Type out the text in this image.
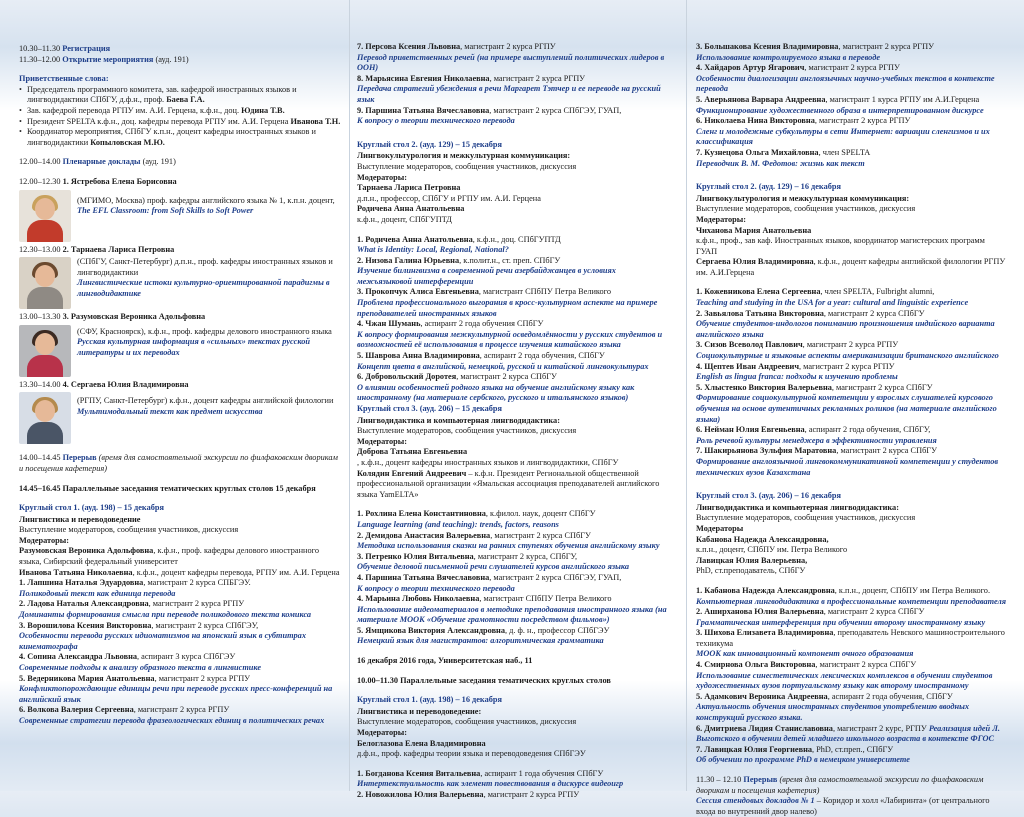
10.30–11.30 Регистрация

11.30–12.00 Открытие мероприятия (ауд. 191)

Приветственные слова:

• Председатель программного комитета, зав. кафедрой иностранных языков и лингводидактики СПбГУ, д.ф.н., проф. Баева Г.А.
• Зав. кафедрой перевода РГПУ им. А.И. Герцена, к.ф.н., доц. Юдина Т.В.
• Президент SPELTA к.ф.н., доц. кафедры перевода РГПУ им. А.И. Герцена Иванова Т.Н.
• Координатор мероприятия, СПбГУ к.п.н., доцент кафедры иностранных языков и лингводидактики Копыловская М.Ю.

12.00–14.00 Пленарные доклады (ауд. 191)

12.00–12.30 1. Ястребова Елена Борисовна

(МГИМО, Москва) проф. кафедры английского языка № 1, к.п.н. доцент,

The EFL Classroom: from Soft Skills to Soft Power

12.30–13.00 2. Тарнаева Лариса Петровна

(СПбГУ, Санкт-Петербург) д.п.н., проф. кафедры иностранных языков и лингводидактики

Лингвистические истоки культурно-ориентированной парадигмы в лингводидактике

13.00–13.30 3. Разумовская Вероника Адольфовна

(СФУ, Красноярск), к.ф.н., проф. кафедры делового иностранного языка

Русская культурная информация в «сильных» текстах русской литературы и их переводах

13.30–14.00 4. Сергаева Юлия Владимировна

(РГПУ, Санкт-Петербург) к.ф.н., доцент кафедры английской филологии

Мультимодальный текст как предмет искусства

14.00–14.45 Перерыв (время для самостоятельной экскурсии по филфаковским дворикам и посещения кафетерия)

14.45–16.45 Параллельные заседания тематических круглых столов 15 декабря

Круглый стол 1. (ауд. 198) – 15 декабря

Лингвистика и переводоведение

Выступление модераторов, сообщения участников, дискуссия

Модераторы:

Разумовская Вероника Адольфовна, к.ф.н., проф. кафедры делового иностранного языка, Сибирский федеральный университет

Иванова Татьяна Николаевна, к.ф.н., доцент кафедры перевода, РГПУ им. А.И. Герцена

1. Лапшина Наталья Эдуардовна, магистрант 2 курса СПБГЭУ.

Поликодовый текст как единица перевода

2. Ладова Наталья Александровна, магистрант 2 курса РГПУ

Доминанты формирования смысла при переводе поликодового текста комикса

3. Ворошилова Ксения Викторовна, магистрант 2 курса СПбГЭУ,

Особенности перевода русских идиоматизмов на японский язык в субтитрах кинематографа

4. Сопина Александра Львовна, аспирант 3 курса СПбГЭУ

Современные подходы к анализу образного текста в лингвистике

5. Ведерникова Мария Анатольевна, магистрант 2 курса РГПУ

Конфликтопорождающие единицы речи при переводе русских пресс-конференций на английский язык

6. Волкова Валерия Сергеевна, магистрант 2 курса РГПУ

Современные стратегии перевода фразеологических единиц в политических речах

7. Персова Ксения Львовна, магистрант 2 курса РГПУ

Перевод приветственных речей (на примере выступлений политических лидеров в ООН)

8. Марьясина Евгения Николаевна, магистрант 2 курса РГПУ

Передача стратегий убеждения в речи Маргарет Тэтчер и ее переводе на русский язык

9. Паршина Татьяна Вячеславовна, магистрант 2 курса СПбГЭУ, ГУАП,

К вопросу о теории технического перевода

Круглый стол 2. (ауд. 129) – 15 декабря

Лингвокультурология и межкультурная коммуникация:

Выступление модераторов, сообщения участников, дискуссия

Модераторы:

Тарнаева Лариса Петровна

д.п.н., профессор, СПбГУ и РГПУ им. А.И. Герцена

Родичева Анна Анатольевна

к.ф.н., доцент, СПбГУПТД

1. Родичева Анна Анатольевна, к.ф.н., доц. СПбГУПТД

What is Identity: Local, Regional, National?

2. Низова Галина Юрьевна, к.полит.н., ст. преп. СПбГУ

Изучение билингвизма в современной речи азербайджанцев в условиях межъязыковой интерференции

3. Прокопчук Алиса Евгеньевна, магистрант СПбПУ Петра Великого

Проблема профессионального выгорания в кросс-культурном аспекте на примере преподавателей иностранных языков

4. Чжан Шумань, аспирант 2 года обучения СПбГУ

К вопросу формирования межкультурной осведомлённости у русских студентов и возможностей её использования в процессе изучения китайского языка

5. Шаврова Анна Владимировна, аспирант 2 года обучения, СПбГУ

Концепт цвета в английской, немецкой, русской и китайской лингвокультурах

6. Добровольский Доротея, магистрант 2 курса СПбГУ

О влиянии особенностей родного языка на обучение английскому языку как иностранному (на материале сербского, русского и итальянского языков)

Круглый стол 3. (ауд. 206) – 15 декабря

Лингводидактика и компьютерная лингводидактика:

Выступление модераторов, сообщения участников, дискуссия

Модераторы:

Доброва Татьяна Евгеньевна

, к.ф.н., доцент кафедры иностранных языков и лингводидактики, СПбГУ

Колядин Евгений Андреевич – к.ф.н. Президент Региональной общественной профессиональной организации «Ямальская ассоциация преподавателей английского языка YamELTA»

1. Рохлина Елена Константиновна, к.филол. наук, доцент СПбГУ

Language learning (and teaching): trends, factors, reasons

2. Демидова Анастасия Валерьевна, магистрант 2 курса СПбГУ

Методика использования сказки на ранних ступенях обучения английскому языку

3. Петренко Юлия Витальевна, магистрант 2 курса, СПбГУ,

Обучение деловой письменной речи слушателей курсов английского языка

4. Паршина Татьяна Вячеславовна, магистрант 2 курса СПбГЭУ, ГУАП,

К вопросу о теории технического перевода

4. Марьина Любовь Николаевна, магистрант СПбПУ Петра Великого

Использование видеоматериалов в методике преподавания иностранного языка (на материале МООК «Обучение грамотности посредством фильмов»)

5. Ямщикова Виктория Александровна, д. ф. н., профессор СПбГЭУ

Немецкий язык для магистрантов: алгоритмическая грамматика

16 декабря 2016 года, Университетская наб., 11

10.00–11.30 Параллельные заседания тематических круглых столов

Круглый стол 1. (ауд. 198) – 16 декабря

Лингвистика и переводоведение:

Выступление модераторов, сообщения участников, дискуссия

Модераторы:

Белоглазова Елена Владимировна

д.ф.н., проф. кафедры теории языка и переводоведения СПбГЭУ

1. Богданова Ксения Витальевна, аспирант 1 года обучения СПбГУ

Интертекстуальность как элемент повествования в дискурсе видеоигр

2. Новожилова Юлия Валерьевна, магистрант 2 курса РГПУ

3. Большакова Ксения Владимировна, магистрант 2 курса РГПУ

Использование контролируемого языка в переводе

4. Хайдаров Артур Ягарович, магистрант 2 курса РГПУ

Особенности диалогизации англоязычных научно-учебных текстов в контексте перевода

5. Аверьянова Варвара Андреевна, магистрант 1 курса РГПУ им А.И.Герцена

Функционирование художественного образа в интерпретированном дискурсе

6. Николаева Нина Викторовна, магистрант 2 курса РГПУ

Сленг и молодежные субкультуры в сети Интернет: вариации сленгизмов и их классификация

7. Кузнецова Ольга Михайловна, член SPELTA

Переводчик В. М. Федотов: жизнь как текст

Круглый стол 2. (ауд. 129) – 16 декабря

Лингвокультурология и межкультурная коммуникация:

Выступление модераторов, сообщения участников, дискуссия

Модераторы:

Чиханова Мария Анатольевна

к.ф.н., проф., зав каф. Иностранных языков, координатор магистерских программ ГУАП

Сергаева Юлия Владимировна, к.ф.н., доцент кафедры английской филологии РГПУ им. А.И.Герцена

1. Кожевникова Елена Сергеевна, член SPELTA, Fulbright alumni,

Teaching and studying in the USA for a year: cultural and linguistic experience

2. Завьялова Татьяна Викторовна, магистрант 2 курса СПбГУ

Обучение студентов-индологов пониманию произношения индийского варианта английского языка

3. Сизов Всеволод Павлович, магистрант 2 курса РГПУ

Социокультурные и языковые аспекты американизации британского английского

4. Щептев Иван Андреевич, магистрант 2 курса РГПУ

English as lingua franca: подходы к изучению проблемы

5. Хлыстенко Виктория Валерьевна, магистрант 2 курса СПбГУ

Формирование социокультурной компетенции у взрослых слушателей курсового обучения на основе аутентичных рекламных роликов (на материале английского языка)

6. Нейман Юлия Евгеньевна, аспирант 2 года обучения, СПбГУ,

Роль речевой культуры менеджера в эффективности управления

7. Шакирьянова Зульфия Маратовна, магистрант 2 курса СПбГУ

Формирование англоязычной лингвокоммуникативной компетенции у студентов технических вузов Казахстана

Круглый стол 3. (ауд. 206) – 16 декабря

Лингводидактика и компьютерная лингводидактика:

Выступление модераторов, сообщения участников, дискуссия

Модераторы

Кабанова Надежда Александровна,

к.п.н., доцент, СПбПУ им. Петра Великого

Лавицкая Юлия Валерьевна,

PhD, ст.преподаватель, СПбГУ

1. Кабанова Надежда Александровна, к.п.н., доцент, СПбПУ им Петра Великого.

Компьютерная лингводидактика в профессиональные компетенции преподавателя

2. Аширханова Юлия Валерьевна, магистрант 2 курса СПбГУ

Грамматическая интерференция при обучении второму иностранному языку

3. Шихова Елизавета Владимировна, преподаватель Невского машиностроительного техникума

МООК как инновационный компонент очного образования

4. Смирнова Ольга Викторовна, магистрант 2 курса СПбГУ

Использование синестетических лексических комплексов в обучении студентов художественных вузов португальскому языку как второму иностранному

5. Адамкович Вероника Андреевна, аспирант 2 года обучения, СПбГУ

Актуальность обучения иностранных студентов употреблению вводных конструкций русского языка.

6. Дмитриева Лидия Станиславовна, магистрант 2 курс, РГПУ Реализация идей Л. Выготского в обучении детей младшего школьного возраста в контексте ФГОС

7. Лавицкая Юлия Георгиевна, PhD, ст.преп., СПбГУ

Об обучении по программе PhD в немецком университете

11.30 – 12.10 Перерыв (время для самостоятельной экскурсии по филфаковским дворикам и посещения кафетерия)

Сессия стендовых докладов № 1 – Коридор и холл «Лабиринта» (от центрального входа во внутренний двор налево)
